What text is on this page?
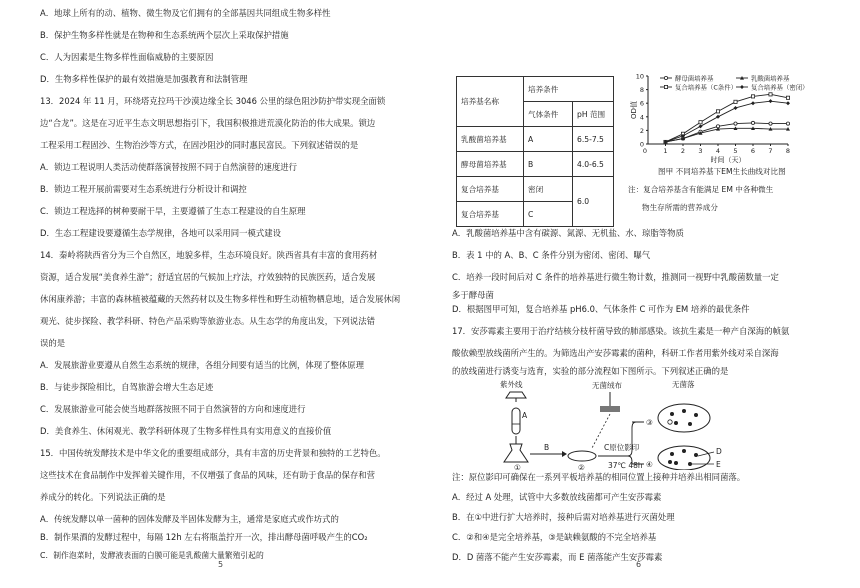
A．地球上所有的动、植物、微生物及它们拥有的全部基因共同组成生物多样性
B．保护生物多样性就是在物种和生态系统两个层次上采取保护措施
C．人为因素是生物多样性面临威胁的主要原因
D．生物多样性保护的最有效措施是加强教育和法制管理
13．2024 年 11 月，环绕塔克拉玛干沙漠边缘全长 3046 公里的绿色阻沙防护带实现全面锁
边“合龙”。这是在习近平生态文明思想指引下，我国积极推进荒漠化防治的伟大成果。锁边
工程采用工程固沙、生物治沙等方式，在固沙阻沙的同时惠民富民。下列叙述错误的是
A．锁边工程说明人类活动使群落演替按照不同于自然演替的速度进行
B．锁边工程开展前需要对生态系统进行分析设计和调控
C．锁边工程选择的树种要耐干旱，主要遵循了生态工程建设的自生原理
D．生态工程建设要遵循生态学规律，各地可以采用同一模式建设
14．秦岭将陕西省分为三个自然区，地貌多样，生态环境良好。陕西省具有丰富的食用药材
资源，适合发展“美食养生游”；舒适宜居的气候加上疗法，疗效独特的民族医药，适合发展
休闲康养游；丰富的森林植被蕴藏的天然药材以及生物多样性和野生动植物栖息地，适合发展休闲
观光、徒步探险、教学科研、特色产品采购等旅游业态。从生态学的角度出发，下列说法错
误的是
A．发展旅游业要遵从自然生态系统的规律，各组分间要有适当的比例，体现了整体原理
B．与徒步探险相比，自驾旅游会增大生态足迹
C．发展旅游业可能会使当地群落按照不同于自然演替的方向和速度进行
D．美食养生、休闲观光、教学科研体现了生物多样性具有实用意义的直接价值
15．中国传统发酵技术是中华文化的重要组成部分，具有丰富的历史背景和独特的工艺特色。
这些技术在食品制作中发挥着关键作用，不仅增强了食品的风味，还有助于食品的保存和营
养成分的转化。下列说法正确的是
A．传统发酵以单一菌种的固体发酵及半固体发酵为主，通常是家庭式或作坊式的
B．制作果酒的发酵过程中，每隔 12h 左右将瓶盖拧开一次，排出酵母菌呼吸产生的CO₂
C．制作泡菜时，发酵液表面的白膜可能是乳酸菌大量繁殖引起的
5
培养基名称	培养条件	
	气体条件	pH 范围
乳酸菌培养基	A	6.5-7.5
酵母菌培养基	B	4.0-6.5
复合培养基	密闭	6.0
复合培养基	C	
0
2
4
6
8
10
1 2 3 4 5 6 7 8
0
时间（天）
OD值
酵母菌培养基	乳酸菌培养基
复合培养基（C条件） 复合培养基（密闭）
图甲 不同培养基下EM生长曲线对比图
注：复合培养基含有能满足 EM 中各种微生
物生存所需的营养成分
A．乳酸菌培养基中含有碳源、氮源、无机盐、水、琼脂等物质
B．表 1 中的 A、B、C 条件分别为密闭、密闭、曝气
C．培养一段时间后对 C 条件的培养基进行微生物计数，推测同一视野中乳酸菌数量一定
多于酵母菌
D．根据图甲可知，复合培养基 pH6.0、气体条件 C 可作为 EM 培养的最优条件
17．安莎霉素主要用于治疗结核分枝杆菌导致的肺部感染。该抗生素是一种产自深海的帧氨
酸依赖型放线菌所产生的。为筛选出产安莎霉素的菌种，科研工作者用紫外线对采自深海
的放线菌进行诱变与选育，实验的部分流程如下图所示。下列叙述正确的是
紫外线
A
①
B
②
无菌绒布
C原位影印
37℃ 48h
③
④
无菌落
D
E
注：原位影印可确保在一系列平板培养基的相同位置上接种并培养出相同菌落。
A．经过 A 处理，试管中大多数放线菌都可产生安莎霉素
B．在①中进行扩大培养时，接种后需对培养基进行灭菌处理
C．②和④是完全培养基，③是缺赖氨酸的不完全培养基
D．D 菌落不能产生安莎霉素，而 E 菌落能产生安莎霉素
6
